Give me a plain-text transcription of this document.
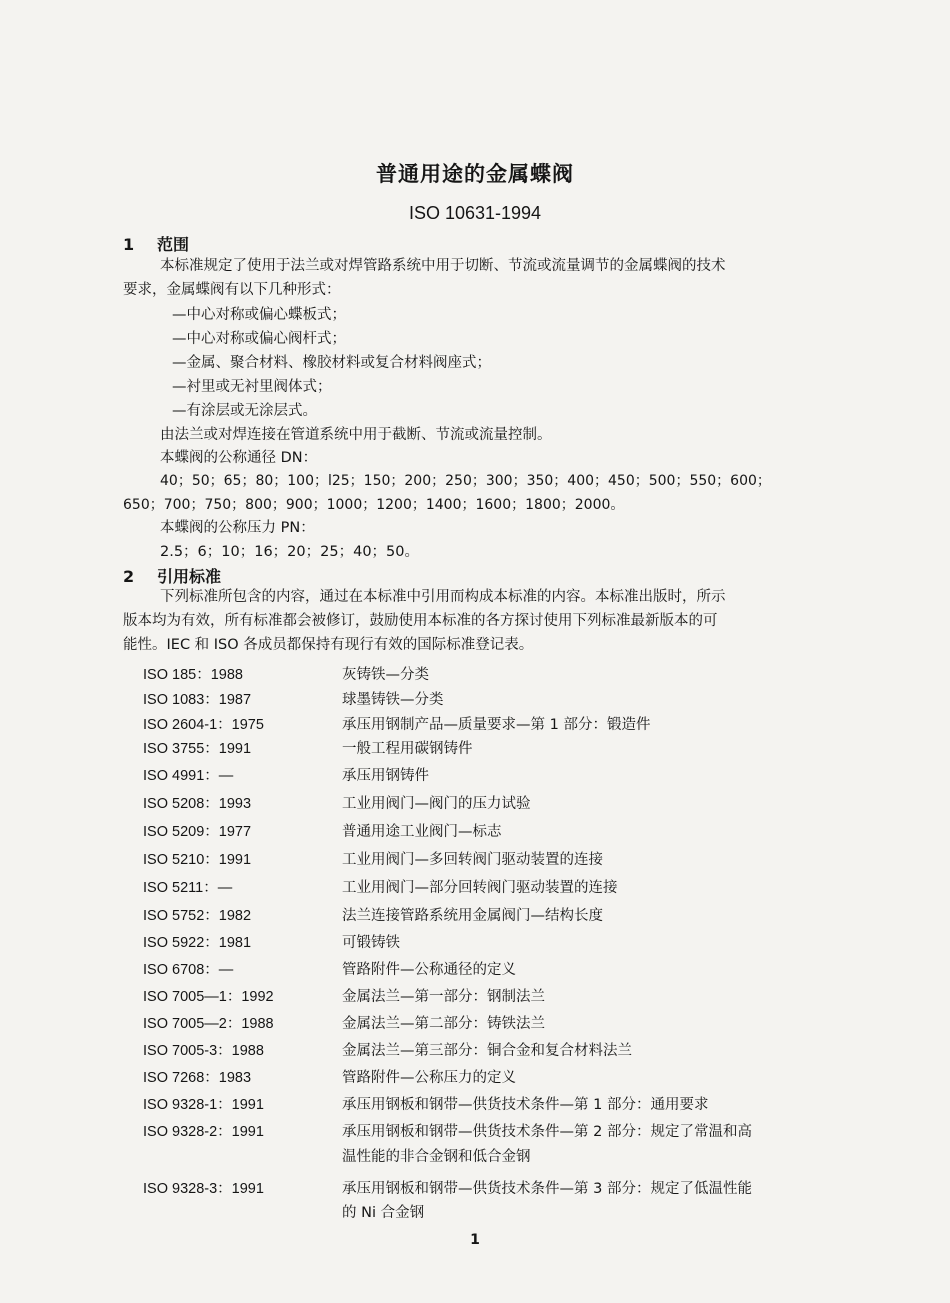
普通用途的金属蝶阀
ISO 10631-1994
1 范围
本标准规定了使用于法兰或对焊管路系统中用于切断、节流或流量调节的金属蝶阀的技术
要求，金属蝶阀有以下几种形式：
—中心对称或偏心蝶板式；
—中心对称或偏心阀杆式；
—金属、聚合材料、橡胶材料或复合材料阀座式；
—衬里或无衬里阀体式；
—有涂层或无涂层式。
由法兰或对焊连接在管道系统中用于截断、节流或流量控制。
本蝶阀的公称通径 DN：
40；50；65；80；100；l25；150；200；250；300；350；400；450；500；550；600；
650；700；750；800；900；1000；1200；1400；1600；1800；2000。
本蝶阀的公称压力 PN：
2.5；6；10；16；20；25；40；50。
2 引用标准
下列标准所包含的内容，通过在本标准中引用而构成本标准的内容。本标准出版时，所示
版本均为有效，所有标准都会被修订，鼓励使用本标准的各方探讨使用下列标准最新版本的可
能性。IEC 和 ISO 各成员都保持有现行有效的国际标准登记表。
ISO 185：1988	灰铸铁—分类
ISO 1083：1987	球墨铸铁—分类
ISO 2604-1：1975	承压用钢制产品—质量要求—第 1 部分：锻造件
ISO 3755：1991	一般工程用碳钢铸件
ISO 4991：—	承压用钢铸件
ISO 5208：1993	工业用阀门—阀门的压力试验
ISO 5209：1977	普通用途工业阀门—标志
ISO 5210：1991	工业用阀门—多回转阀门驱动装置的连接
ISO 5211：—	工业用阀门—部分回转阀门驱动装置的连接
ISO 5752：1982	法兰连接管路系统用金属阀门—结构长度
ISO 5922：1981	可锻铸铁
ISO 6708：—	管路附件—公称通径的定义
ISO 7005—1：1992	金属法兰—第一部分：钢制法兰
ISO 7005—2：1988	金属法兰—第二部分：铸铁法兰
ISO 7005-3：1988	金属法兰—第三部分：铜合金和复合材料法兰
ISO 7268：1983	管路附件—公称压力的定义
ISO 9328-1：1991	承压用钢板和钢带—供货技术条件—第 1 部分：通用要求
ISO 9328-2：1991	承压用钢板和钢带—供货技术条件—第 2 部分：规定了常温和高
温性能的非合金钢和低合金钢
ISO 9328-3：1991	承压用钢板和钢带—供货技术条件—第 3 部分：规定了低温性能
的 Ni 合金钢
1
